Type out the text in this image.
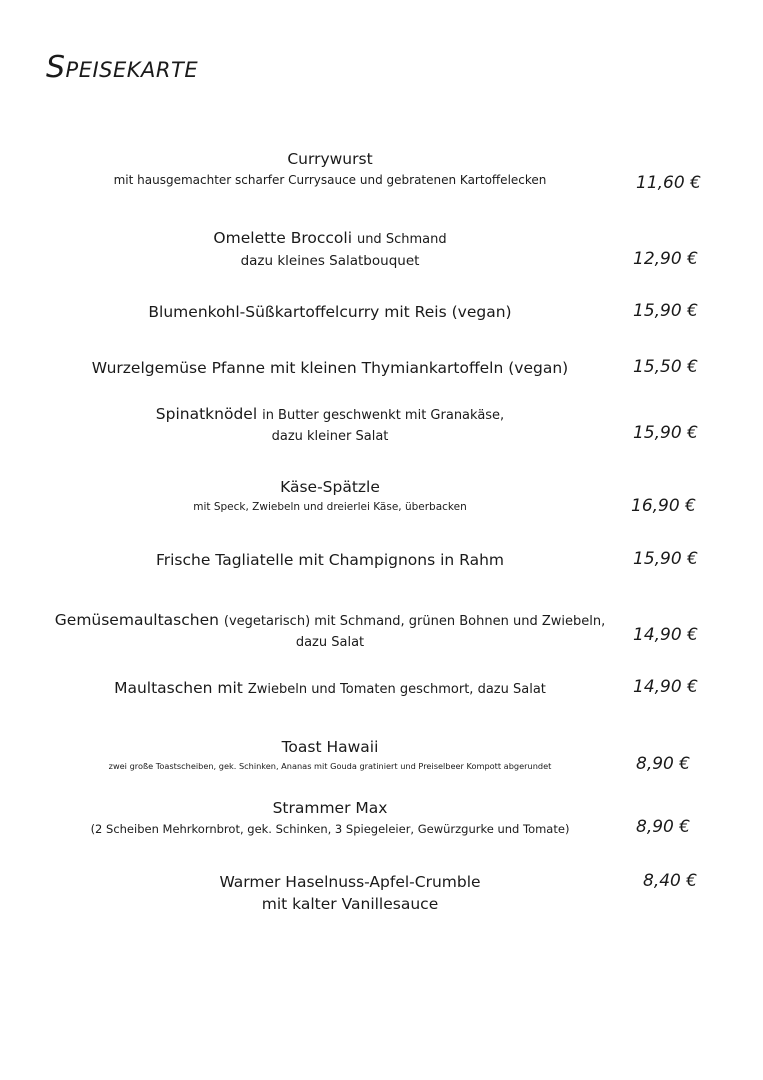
Speisekarte
Currywurst
mit hausgemachter scharfer Currysauce und gebratenen Kartoffelecken	11,60 €
Omelette Broccoli und Schmand
dazu kleines Salatbouquet	12,90 €
Blumenkohl-Süßkartoffelcurry mit Reis (vegan)	15,90 €
Wurzelgemüse Pfanne mit kleinen Thymiankartoffeln (vegan)	15,50 €
Spinatknödel in Butter geschwenkt mit Granakäse,
dazu kleiner Salat	15,90 €
Käse-Spätzle
mit Speck, Zwiebeln und dreierlei Käse, überbacken	16,90 €
Frische Tagliatelle mit Champignons in Rahm	15,90 €
Gemüsemaultaschen (vegetarisch) mit Schmand, grünen Bohnen und Zwiebeln,
dazu Salat	14,90 €
Maultaschen mit Zwiebeln und Tomaten geschmort, dazu Salat	14,90 €
Toast Hawaii
zwei große Toastscheiben, gek. Schinken, Ananas mit Gouda gratiniert und Preiselbeer Kompott abgerundet	8,90 €
Strammer Max
(2 Scheiben Mehrkornbrot, gek. Schinken, 3 Spiegeleier, Gewürzgurke und Tomate)	8,90 €
Warmer Haselnuss-Apfel-Crumble
mit kalter Vanillesauce
8,40 €
